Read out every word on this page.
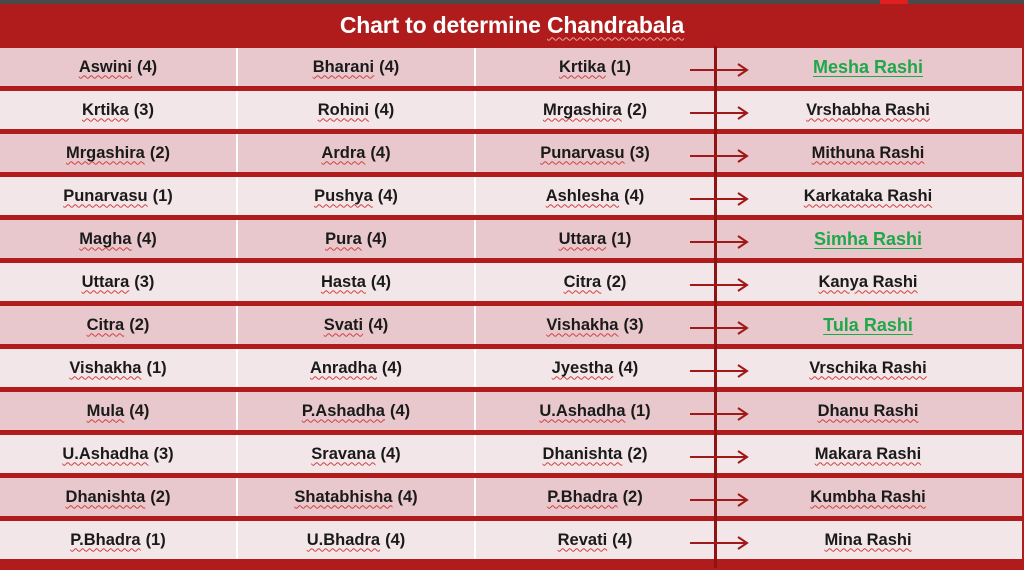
Chart to determine Chandrabala
Aswini (4)	Bharani (4)	Krtika (1)	Mesha Rashi
Krtika (3)	Rohini (4)	Mrgashira (2)	Vrshabha Rashi
Mrgashira (2)	Ardra (4)	Punarvasu (3)	Mithuna Rashi
Punarvasu (1)	Pushya (4)	Ashlesha (4)	Karkataka Rashi
Magha (4)	Pura (4)	Uttara (1)	Simha Rashi
Uttara (3)	Hasta (4)	Citra (2)	Kanya Rashi
Citra (2)	Svati (4)	Vishakha (3)	Tula Rashi
Vishakha (1)	Anradha (4)	Jyestha (4)	Vrschika Rashi
Mula (4)	P.Ashadha (4)	U.Ashadha (1)	Dhanu Rashi
U.Ashadha (3)	Sravana (4)	Dhanishta (2)	Makara Rashi
Dhanishta (2)	Shatabhisha (4)	P.Bhadra (2)	Kumbha Rashi
P.Bhadra (1)	U.Bhadra (4)	Revati (4)	Mina Rashi
